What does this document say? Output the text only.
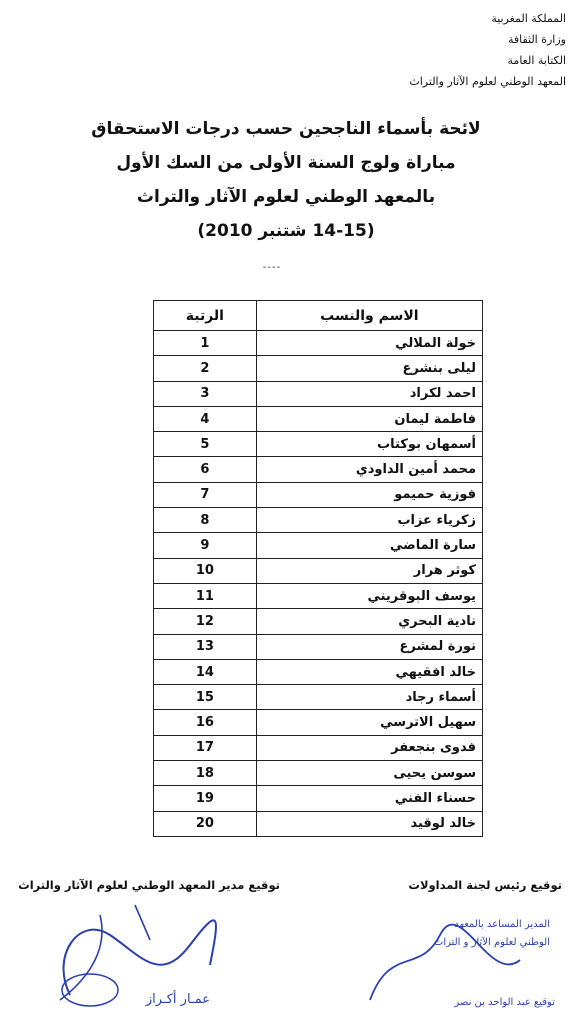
المملكة المغربية
وزارة الثقافة
الكتابة العامة
المعهد الوطني لعلوم الآثار والتراث
لائحة بأسماء الناجحين حسب درجات الاستحقاق
مباراة ولوج السنة الأولى من السك الأول
بالمعهد الوطني لعلوم الآثار والتراث
(14-15 شتنبر 2010)
----
الاسم والنسب	الرتبة
خولة الملالي	1
ليلى بنشرع	2
احمد لكراد	3
فاطمة ليمان	4
أسمهان بوكتاب	5
محمد أمين الداودي	6
فوزية حميمو	7
زكرياء عزاب	8
سارة الماضي	9
كوثر هرار	10
يوسف البوقريني	11
نادية البحري	12
نورة لمشرع	13
خالد افقيهي	14
أسماء رجاد	15
سهيل الاترسي	16
فدوى بنجعفر	17
سوسن يحيى	18
حسناء الفني	19
خالد لوقيد	20
توقيع رئيس لجنة المداولات
توقيع مدير المعهد الوطني لعلوم الآثار والتراث
عمـار أكـراز
المدير المساعد بالمعهد
الوطني لعلوم الآثار و التراث
توقيع عبد الواحد بن نصر
